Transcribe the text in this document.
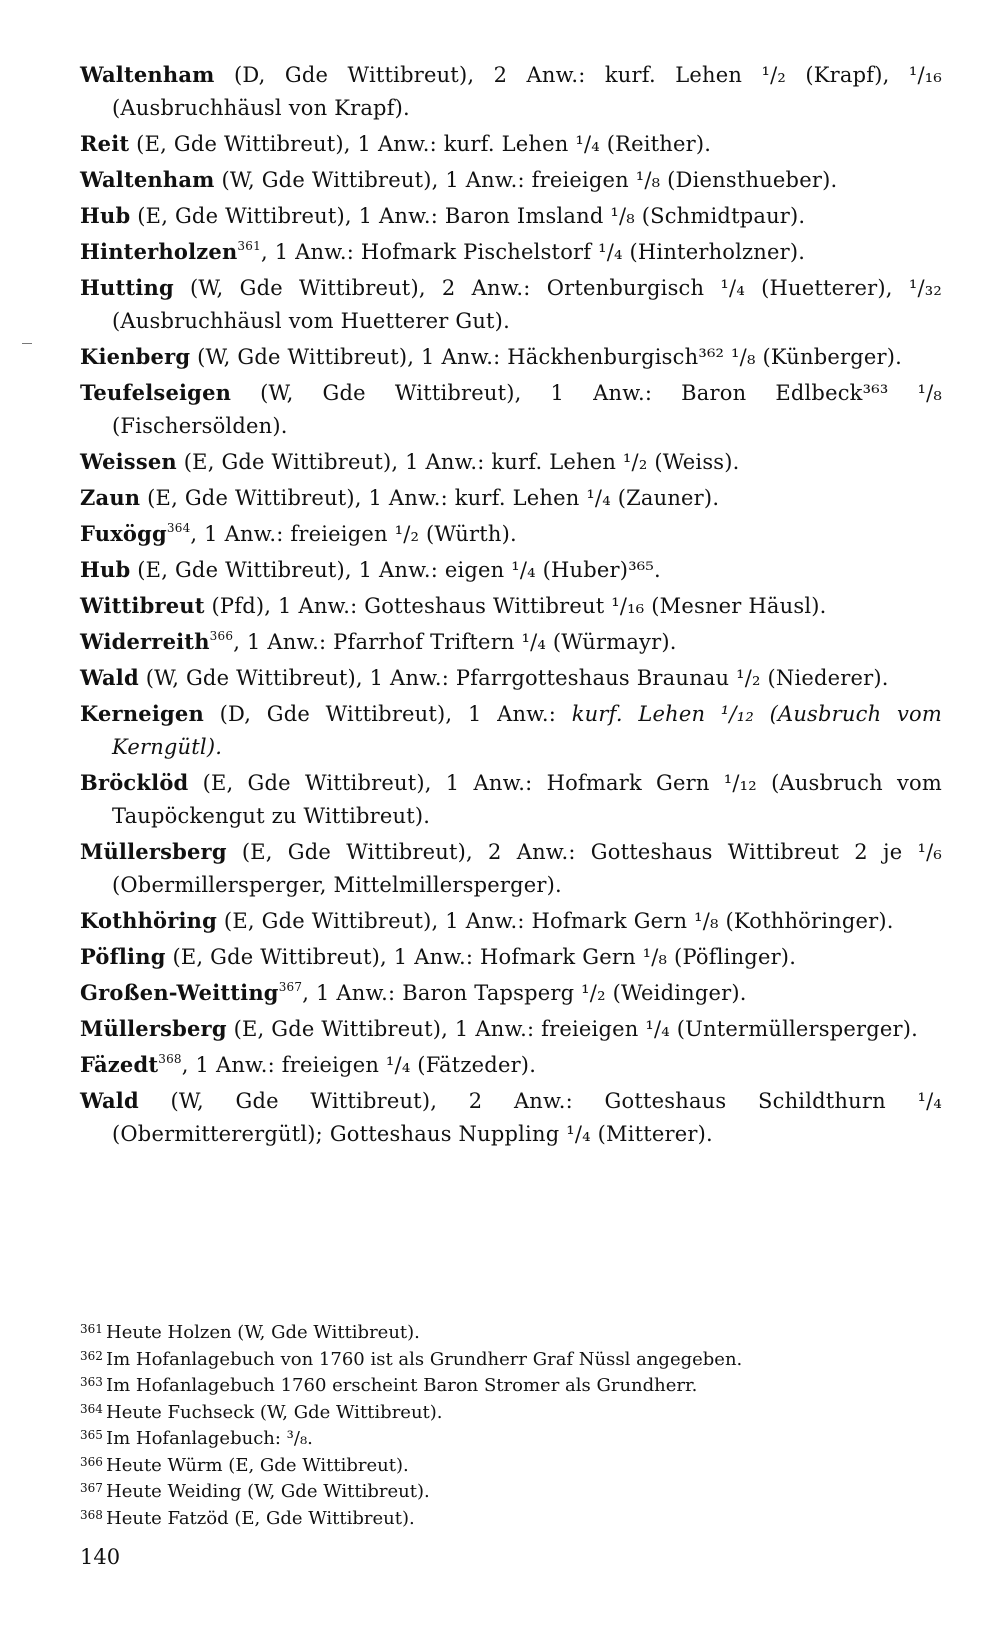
Waltenham (D, Gde Wittibreut), 2 Anw.: kurf. Lehen ¹/₂ (Krapf), ¹/₁₆ (Ausbruchhäusl von Krapf).

Reit (E, Gde Wittibreut), 1 Anw.: kurf. Lehen ¹/₄ (Reither).

Waltenham (W, Gde Wittibreut), 1 Anw.: freieigen ¹/₈ (Diensthueber).

Hub (E, Gde Wittibreut), 1 Anw.: Baron Imsland ¹/₈ (Schmidtpaur).

Hinterholzen$^{361}$, 1 Anw.: Hofmark Pischelstorf ¹/₄ (Hinterholzner).

Hutting (W, Gde Wittibreut), 2 Anw.: Ortenburgisch ¹/₄ (Huetterer), ¹/₃₂ (Ausbruchhäusl vom Huetterer Gut).

Kienberg (W, Gde Wittibreut), 1 Anw.: Häckhenburgisch³⁶² ¹/₈ (Künberger).

Teufelseigen (W, Gde Wittibreut), 1 Anw.: Baron Edlbeck³⁶³ ¹/₈ (Fischersölden).

Weissen (E, Gde Wittibreut), 1 Anw.: kurf. Lehen ¹/₂ (Weiss).

Zaun (E, Gde Wittibreut), 1 Anw.: kurf. Lehen ¹/₄ (Zauner).

Fuxögg$^{364}$, 1 Anw.: freieigen ¹/₂ (Würth).

Hub (E, Gde Wittibreut), 1 Anw.: eigen ¹/₄ (Huber)³⁶⁵.

Wittibreut (Pfd), 1 Anw.: Gotteshaus Wittibreut ¹/₁₆ (Mesner Häusl).

Widerreith$^{366}$, 1 Anw.: Pfarrhof Triftern ¹/₄ (Würmayr).

Wald (W, Gde Wittibreut), 1 Anw.: Pfarrgotteshaus Braunau ¹/₂ (Niederer).

Kerneigen (D, Gde Wittibreut), 1 Anw.: kurf. Lehen ¹/₁₂ (Ausbruch vom Kerngütl).

Bröcklöd (E, Gde Wittibreut), 1 Anw.: Hofmark Gern ¹/₁₂ (Ausbruch vom Taupöckengut zu Wittibreut).

Müllersberg (E, Gde Wittibreut), 2 Anw.: Gotteshaus Wittibreut 2 je ¹/₆ (Obermillersperger, Mittelmillersperger).

Kothhöring (E, Gde Wittibreut), 1 Anw.: Hofmark Gern ¹/₈ (Kothhöringer).

Pöfling (E, Gde Wittibreut), 1 Anw.: Hofmark Gern ¹/₈ (Pöflinger).

Großen-Weitting$^{367}$, 1 Anw.: Baron Tapsperg ¹/₂ (Weidinger).

Müllersberg (E, Gde Wittibreut), 1 Anw.: freieigen ¹/₄ (Untermüllersperger).

Fäzedt$^{368}$, 1 Anw.: freieigen ¹/₄ (Fätzeder).

Wald (W, Gde Wittibreut), 2 Anw.: Gotteshaus Schildthurn ¹/₄ (Obermitterergütl); Gotteshaus Nuppling ¹/₄ (Mitterer).

361 Heute Holzen (W, Gde Wittibreut).
362 Im Hofanlagebuch von 1760 ist als Grundherr Graf Nüssl angegeben.
363 Im Hofanlagebuch 1760 erscheint Baron Stromer als Grundherr.
364 Heute Fuchseck (W, Gde Wittibreut).
365 Im Hofanlagebuch: ³/₈.
366 Heute Würm (E, Gde Wittibreut).
367 Heute Weiding (W, Gde Wittibreut).
368 Heute Fatzöd (E, Gde Wittibreut).
140
